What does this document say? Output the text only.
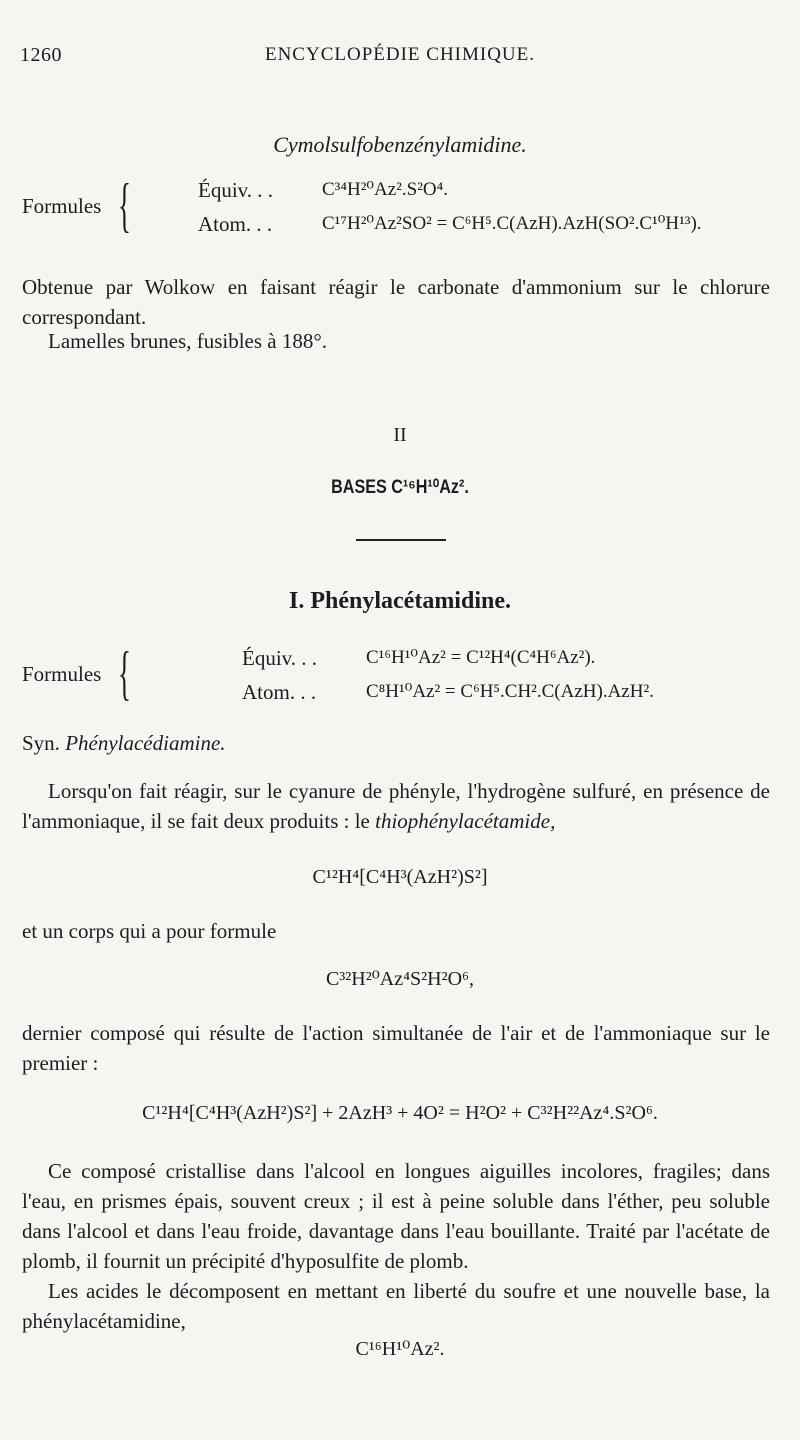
1260	ENCYCLOPÉDIE CHIMIQUE.
Cymolsulfobenzénylamidine.
Formules {	Équiv. . .	C³⁴H²⁰Az².S²O⁴.
Atom. . .	C¹⁷H²⁰Az²SO² = C⁶H⁵.C(AzH).AzH(SO².C¹⁰H¹³).
Obtenue par Wolkow en faisant réagir le carbonate d'ammonium sur le chlorure correspondant.
Lamelles brunes, fusibles à 188°.
II
BASES C¹⁶H¹⁰Az².
I. Phénylacétamidine.
Formules {	Équiv. . .	C¹⁶H¹⁰Az² = C¹²H⁴(C⁴H⁶Az²).
Atom. . .	C⁸H¹⁰Az² = C⁶H⁵.CH².C(AzH).AzH².
Syn. Phénylacédiamine.
Lorsqu'on fait réagir, sur le cyanure de phényle, l'hydrogène sulfuré, en présence de l'ammoniaque, il se fait deux produits : le thiophénylacétamide,
C¹²H⁴[C⁴H³(AzH²)S²]
et un corps qui a pour formule
C³²H²⁰Az⁴S²H²O⁶,
dernier composé qui résulte de l'action simultanée de l'air et de l'ammoniaque sur le premier :
C¹²H⁴[C⁴H³(AzH²)S²] + 2AzH³ + 4O² = H²O² + C³²H²²Az⁴.S²O⁶.
Ce composé cristallise dans l'alcool en longues aiguilles incolores, fragiles; dans l'eau, en prismes épais, souvent creux ; il est à peine soluble dans l'éther, peu soluble dans l'alcool et dans l'eau froide, davantage dans l'eau bouillante. Traité par l'acétate de plomb, il fournit un précipité d'hyposulfite de plomb.
Les acides le décomposent en mettant en liberté du soufre et une nouvelle base, la phénylacétamidine,
C¹⁶H¹⁰Az².
